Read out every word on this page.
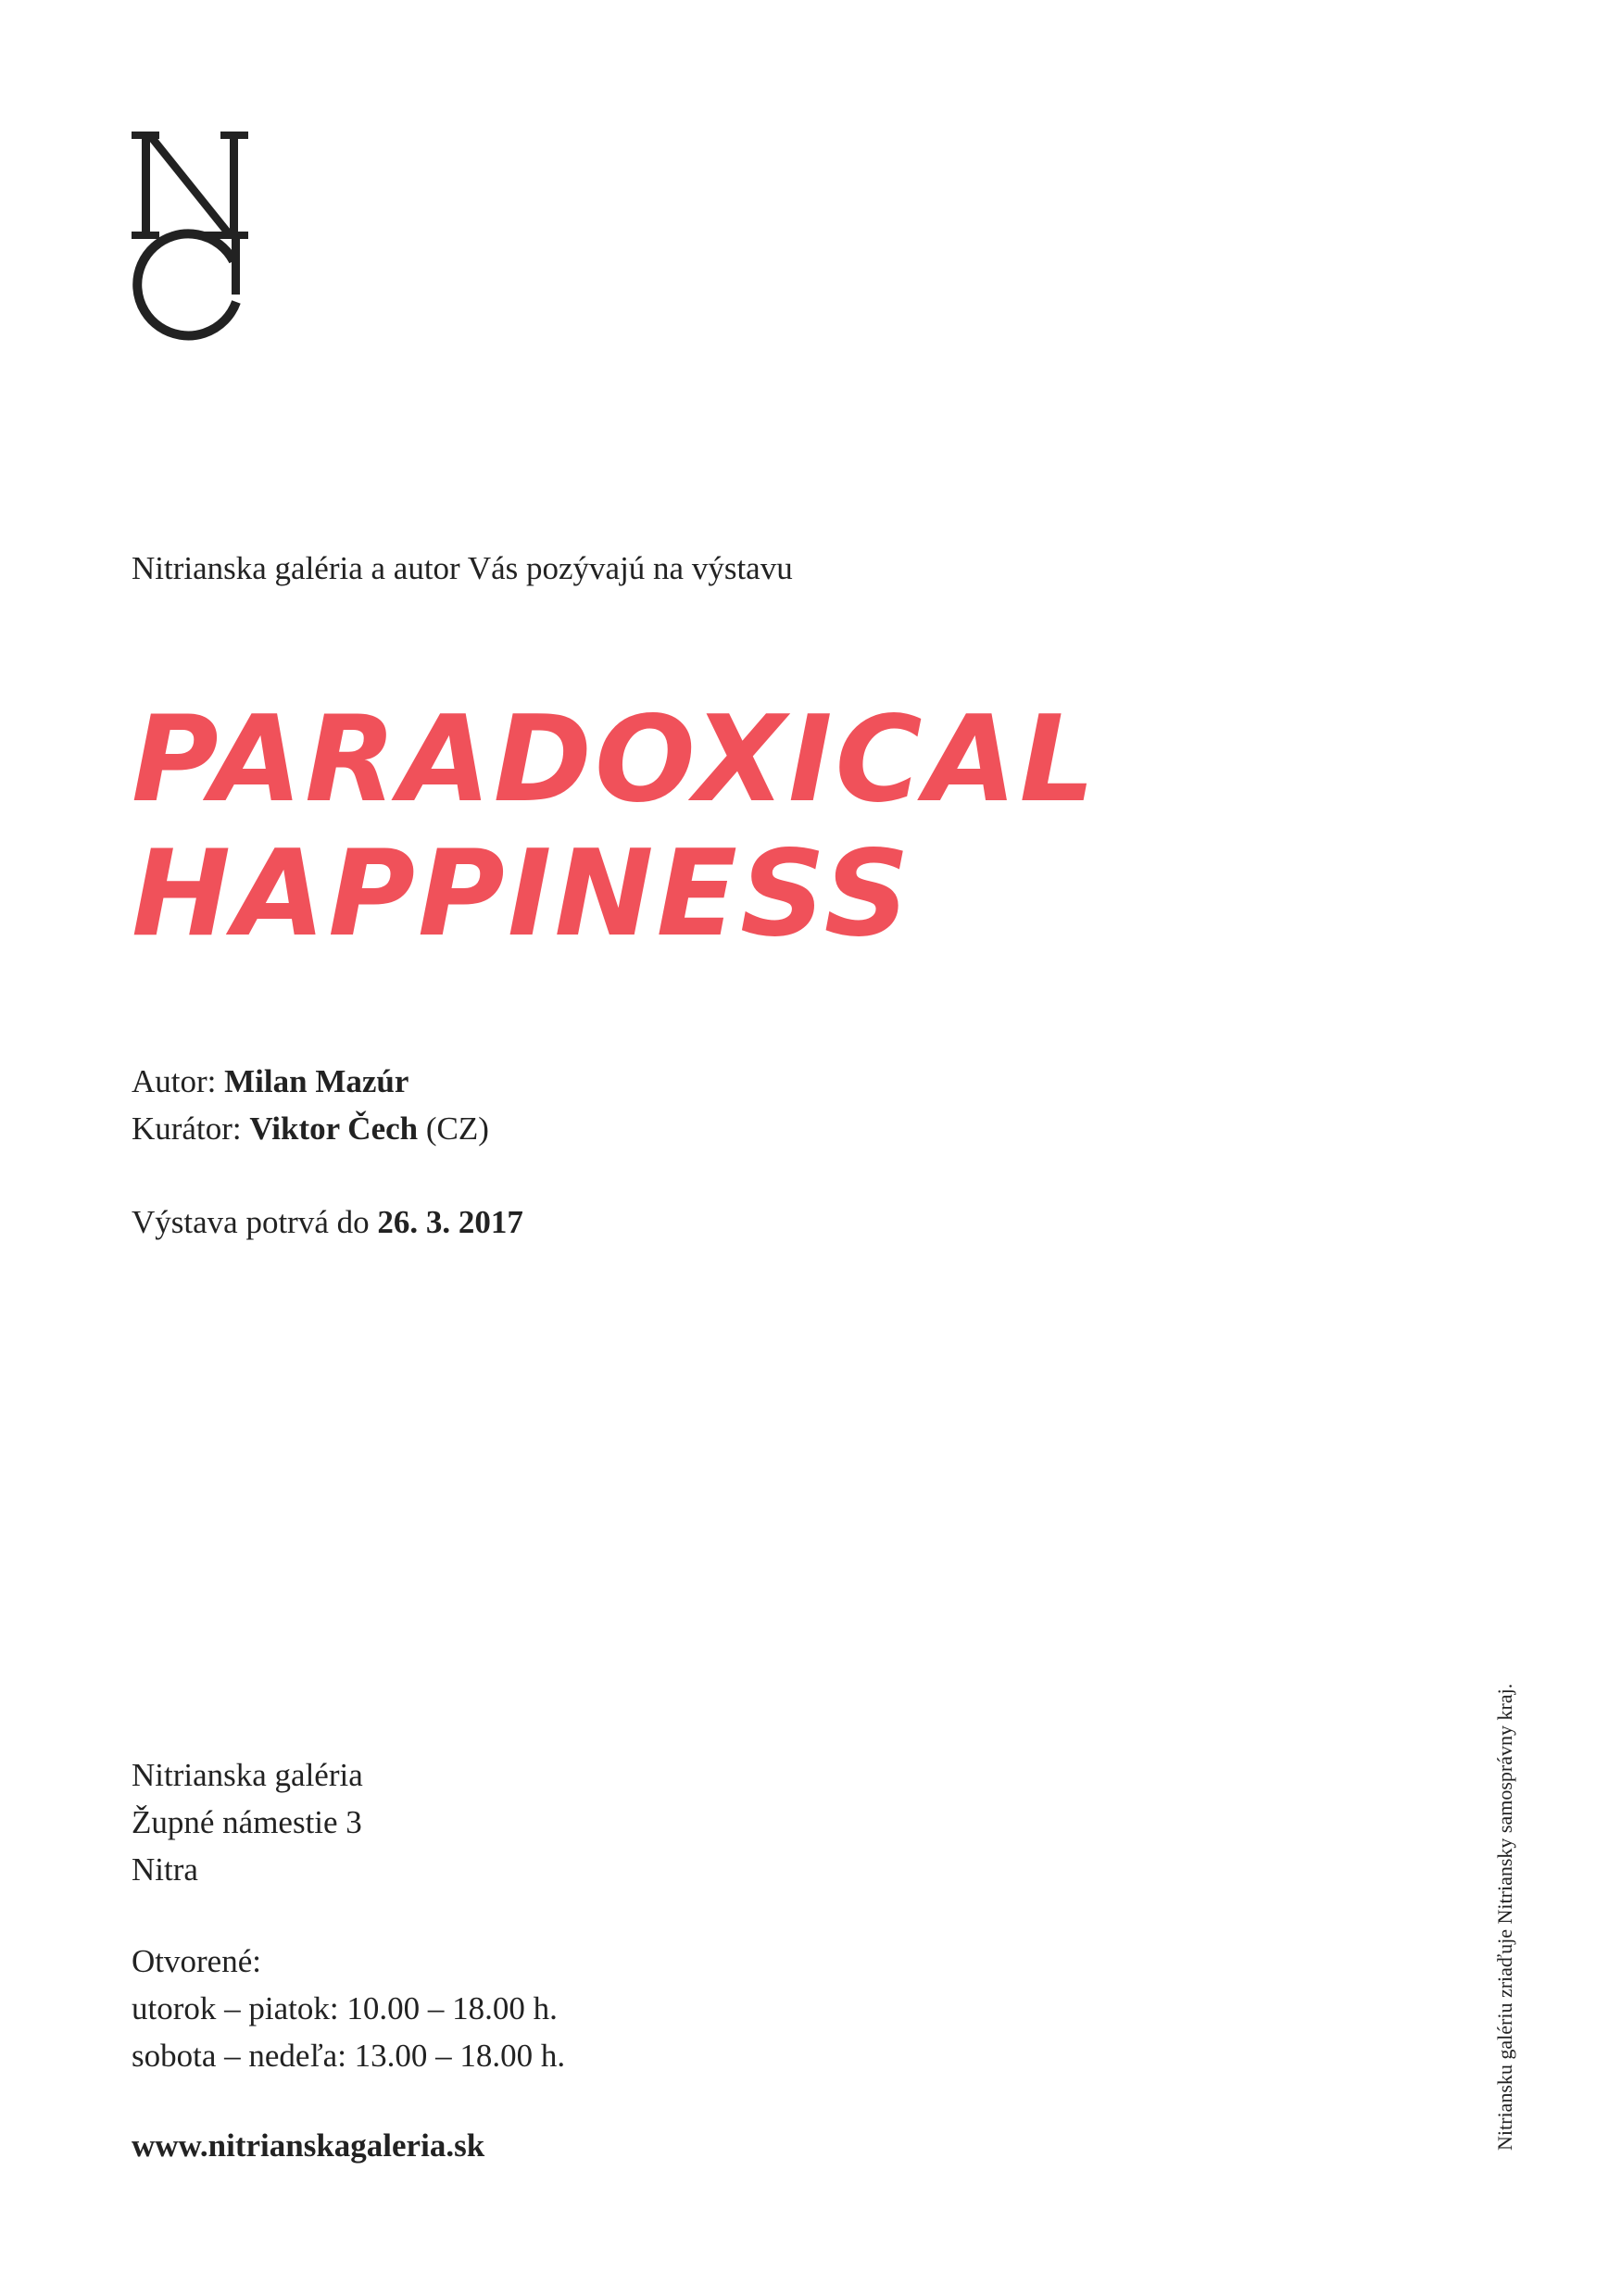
Nitrianska galéria a autor Vás pozývajú na výstavu
PARADOXICAL
HAPPINESS
Autor: Milan Mazúr
Kurátor: Viktor Čech (CZ)
Výstava potrvá do 26. 3. 2017
Nitrianska galéria
Župné námestie 3
Nitra
Otvorené:
utorok – piatok: 10.00 – 18.00 h.
sobota – nedeľa: 13.00 – 18.00 h.
www.nitrianskagaleria.sk	Nitriansku galériu zriaďuje Nitriansky samosprávny kraj.
